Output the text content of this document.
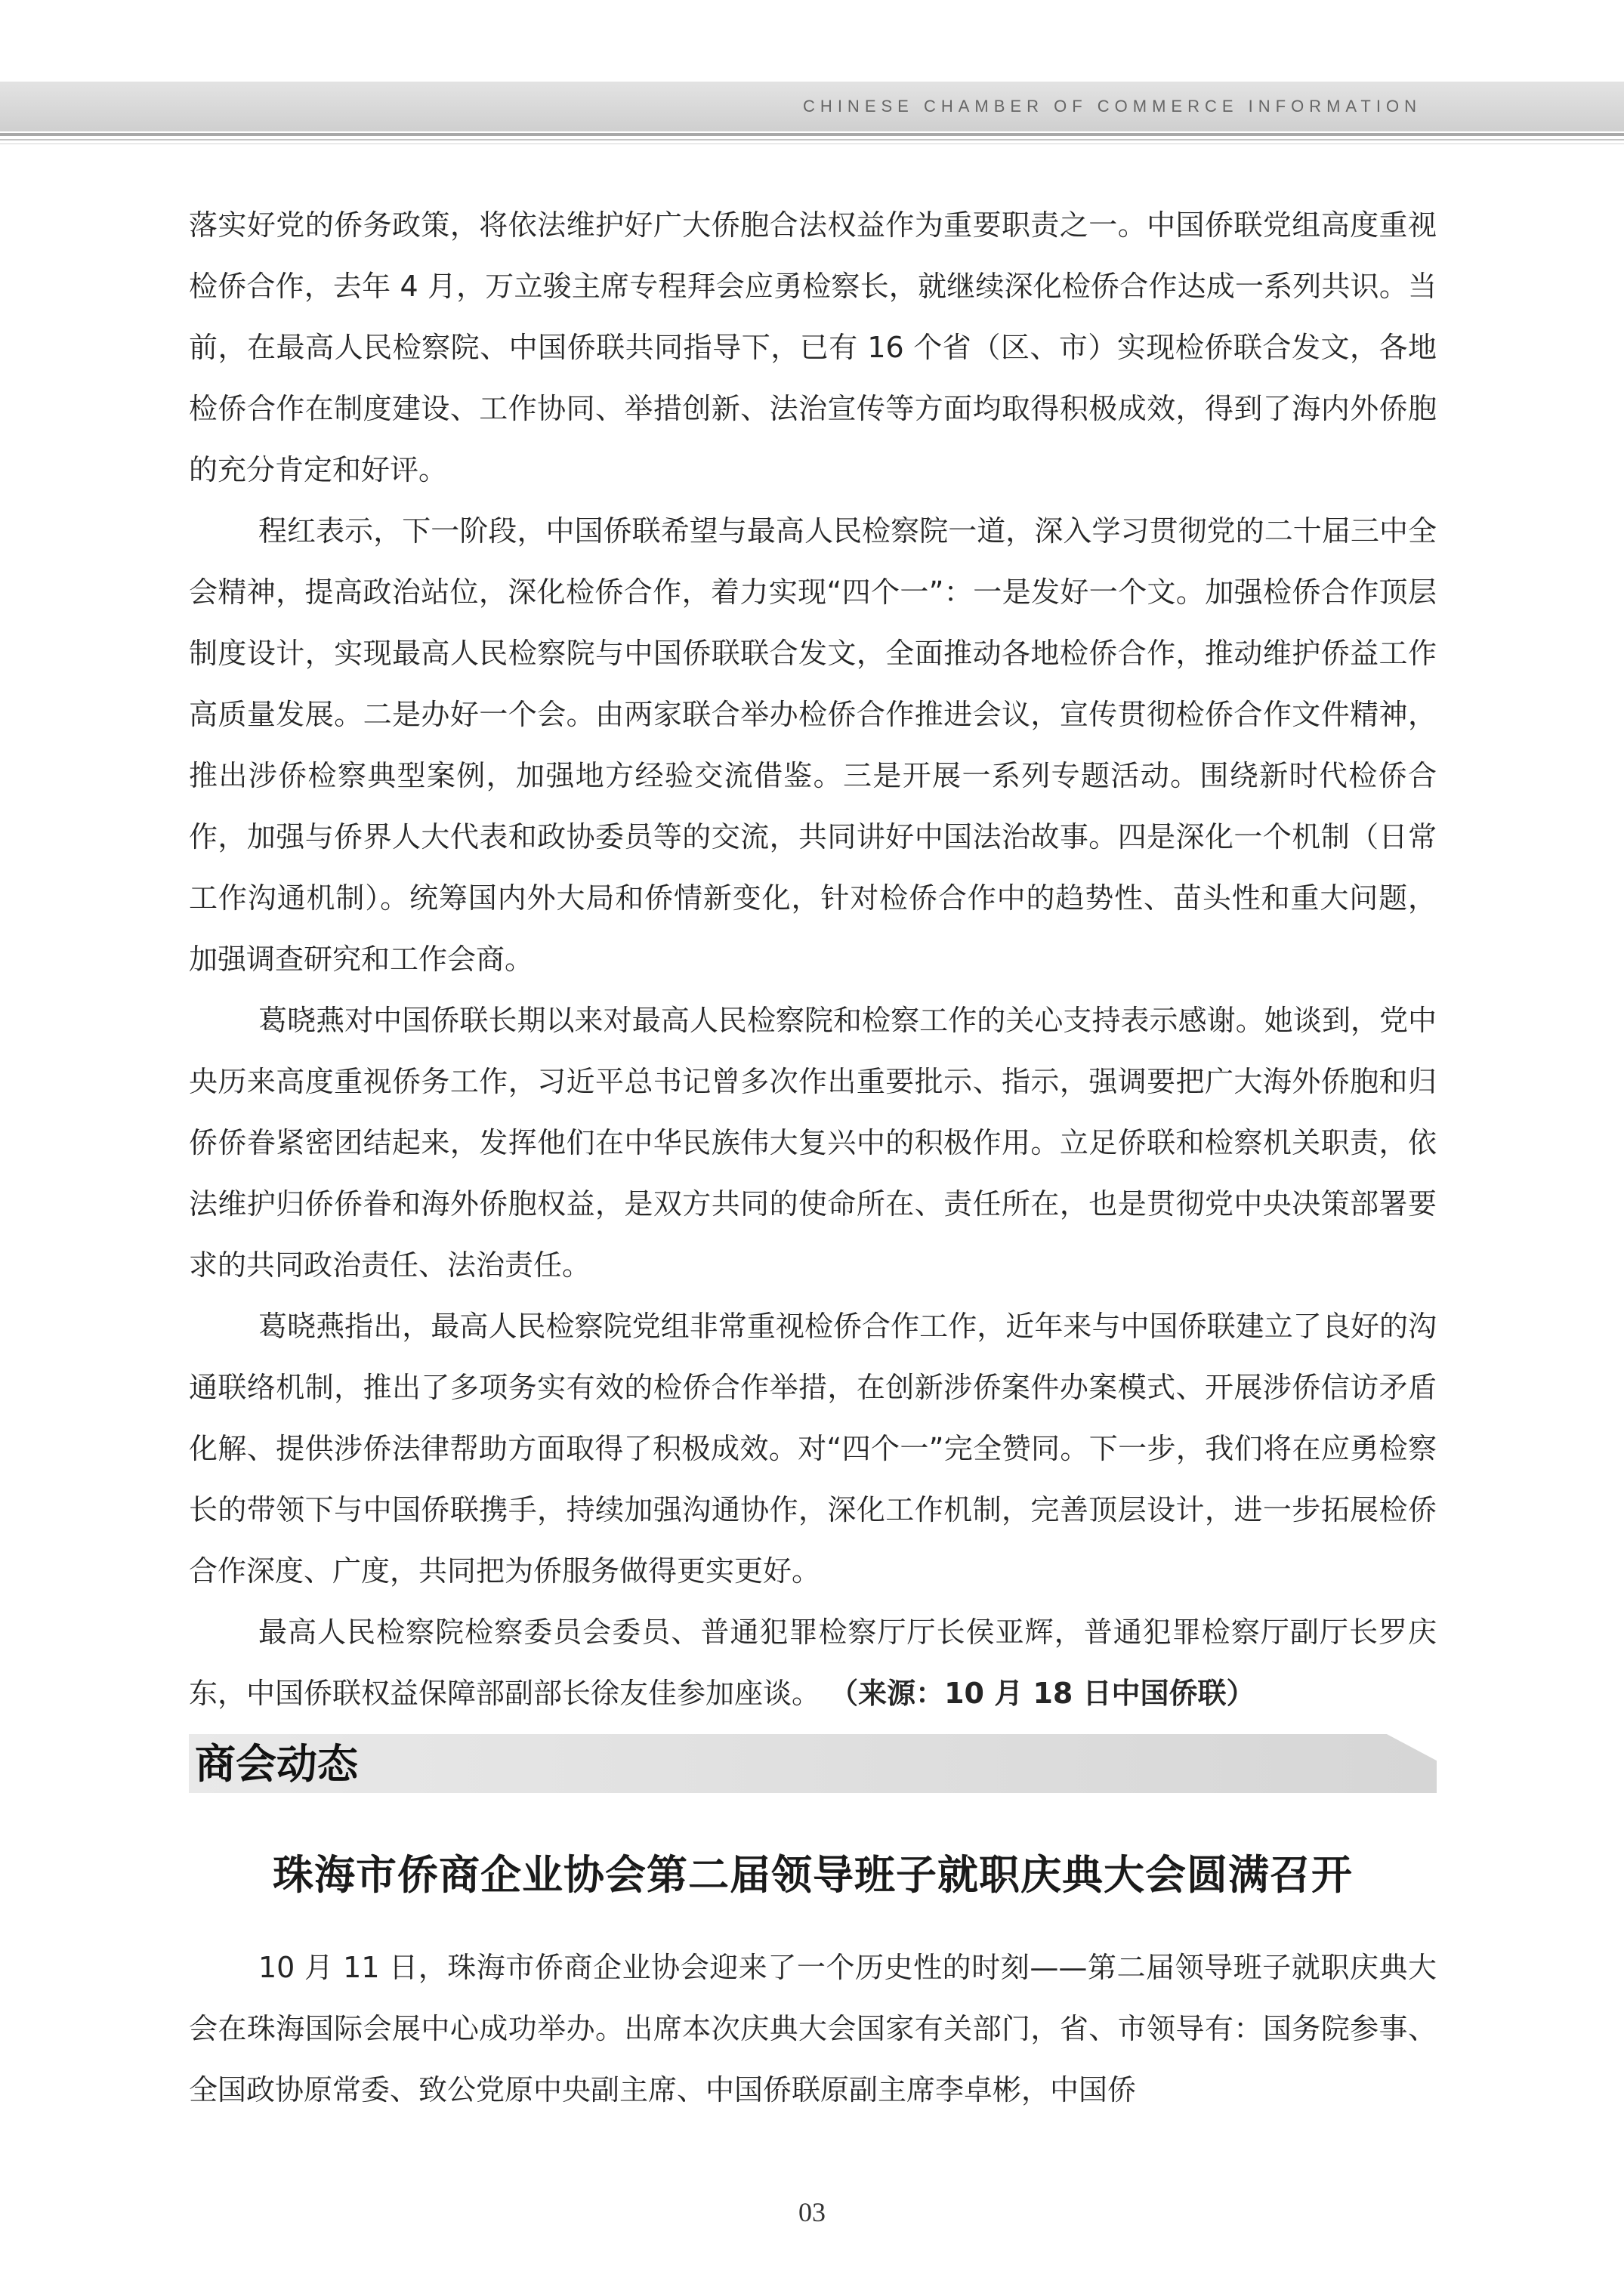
CHINESE CHAMBER OF COMMERCE INFORMATION

落实好党的侨务政策，将依法维护好广大侨胞合法权益作为重要职责之一。中国侨联党组高度重视检侨合作，去年 4 月，万立骏主席专程拜会应勇检察长，就继续深化检侨合作达成一系列共识。当前，在最高人民检察院、中国侨联共同指导下，已有 16 个省（区、市）实现检侨联合发文，各地检侨合作在制度建设、工作协同、举措创新、法治宣传等方面均取得积极成效，得到了海内外侨胞的充分肯定和好评。

程红表示，下一阶段，中国侨联希望与最高人民检察院一道，深入学习贯彻党的二十届三中全会精神，提高政治站位，深化检侨合作，着力实现“四个一”：一是发好一个文。加强检侨合作顶层制度设计，实现最高人民检察院与中国侨联联合发文，全面推动各地检侨合作，推动维护侨益工作高质量发展。二是办好一个会。由两家联合举办检侨合作推进会议，宣传贯彻检侨合作文件精神，推出涉侨检察典型案例，加强地方经验交流借鉴。三是开展一系列专题活动。围绕新时代检侨合作，加强与侨界人大代表和政协委员等的交流，共同讲好中国法治故事。四是深化一个机制（日常工作沟通机制）。统筹国内外大局和侨情新变化，针对检侨合作中的趋势性、苗头性和重大问题，加强调查研究和工作会商。

葛晓燕对中国侨联长期以来对最高人民检察院和检察工作的关心支持表示感谢。她谈到，党中央历来高度重视侨务工作，习近平总书记曾多次作出重要批示、指示，强调要把广大海外侨胞和归侨侨眷紧密团结起来，发挥他们在中华民族伟大复兴中的积极作用。立足侨联和检察机关职责，依法维护归侨侨眷和海外侨胞权益，是双方共同的使命所在、责任所在，也是贯彻党中央决策部署要求的共同政治责任、法治责任。

葛晓燕指出，最高人民检察院党组非常重视检侨合作工作，近年来与中国侨联建立了良好的沟通联络机制，推出了多项务实有效的检侨合作举措，在创新涉侨案件办案模式、开展涉侨信访矛盾化解、提供涉侨法律帮助方面取得了积极成效。对“四个一”完全赞同。下一步，我们将在应勇检察长的带领下与中国侨联携手，持续加强沟通协作，深化工作机制，完善顶层设计，进一步拓展检侨合作深度、广度，共同把为侨服务做得更实更好。

最高人民检察院检察委员会委员、普通犯罪检察厅厅长侯亚辉，普通犯罪检察厅副厅长罗庆东，中国侨联权益保障部副部长徐友佳参加座谈。 （来源：10 月 18 日中国侨联）

商会动态
珠海市侨商企业协会第二届领导班子就职庆典大会圆满召开

10 月 11 日，珠海市侨商企业协会迎来了一个历史性的时刻——第二届领导班子就职庆典大会在珠海国际会展中心成功举办。出席本次庆典大会国家有关部门，省、市领导有：国务院参事、全国政协原常委、致公党原中央副主席、中国侨联原副主席李卓彬，中国侨

03
